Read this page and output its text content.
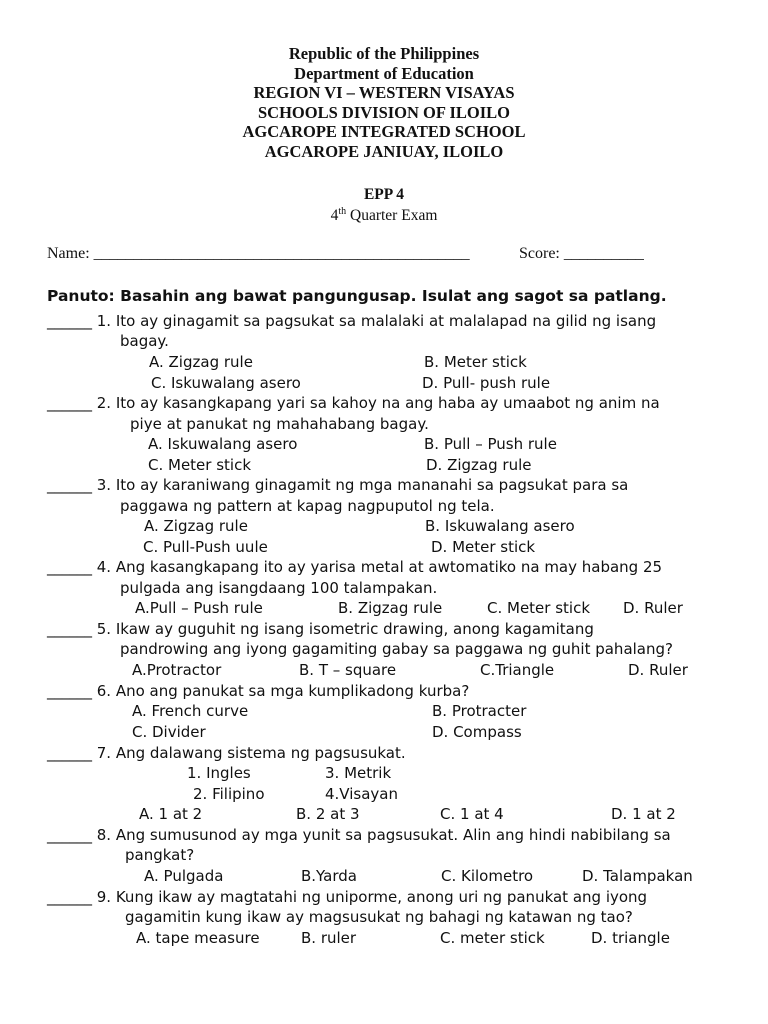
Republic of the Philippines
Department of Education
REGION VI – WESTERN VISAYAS
SCHOOLS DIVISION OF ILOILO
AGCAROPE INTEGRATED SCHOOL
AGCAROPE JANIUAY, ILOILO
EPP 4
4th Quarter Exam
Name: _______________________________________________	Score: __________
Panuto: Basahin ang bawat pangungusap. Isulat ang sagot sa patlang.
______ 1. Ito ay ginagamit sa pagsukat sa malalaki at malalapad na gilid ng isang
bagay.
A. Zigzag rule	B. Meter stick
C. Iskuwalang asero	D. Pull- push rule
______ 2. Ito ay kasangkapang yari sa kahoy na ang haba ay umaabot ng anim na
piye at panukat ng mahahabang bagay.
A. Iskuwalang asero	B. Pull – Push rule
C. Meter stick	D. Zigzag rule
______ 3. Ito ay karaniwang ginagamit ng mga mananahi sa pagsukat para sa
paggawa ng pattern at kapag nagpuputol ng tela.
A. Zigzag rule	B. Iskuwalang asero
C. Pull-Push uule	D. Meter stick
______ 4. Ang kasangkapang ito ay yarisa metal at awtomatiko na may habang 25
pulgada ang isangdaang 100 talampakan.
A.Pull – Push rule	B. Zigzag rule	C. Meter stick D. Ruler
______ 5. Ikaw ay guguhit ng isang isometric drawing, anong kagamitang
pandrowing ang iyong gagamiting gabay sa paggawa ng guhit pahalang?
A.Protractor	B. T – square	C.Triangle	D. Ruler
______ 6. Ano ang panukat sa mga kumplikadong kurba?
A. French curve	B. Protracter
C. Divider	D. Compass
______ 7. Ang dalawang sistema ng pagsusukat.
1. Ingles	3. Metrik
2. Filipino	4.Visayan
A. 1 at 2	B. 2 at 3	C. 1 at 4	D. 1 at 2
______ 8. Ang sumusunod ay mga yunit sa pagsusukat. Alin ang hindi nabibilang sa
pangkat?
A. Pulgada	B.Yarda	C. Kilometro	D. Talampakan
______ 9. Kung ikaw ay magtatahi ng uniporme, anong uri ng panukat ang iyong
gagamitin kung ikaw ay magsusukat ng bahagi ng katawan ng tao?
A. tape measure	B. ruler	C. meter stick	D. triangle
